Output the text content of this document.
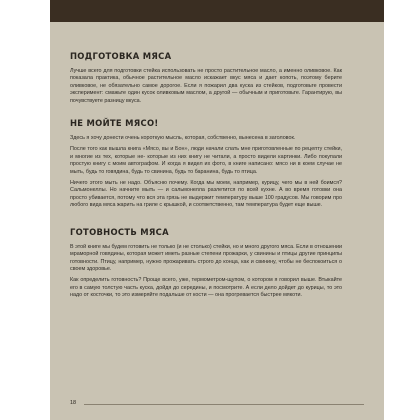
ПОДГОТОВКА МЯСА

Лучше всего для подготовки стейка использовать не просто растительное масло, а именно оливковое. Как показала практика, обычное растительное масло искажает вкус мяса и дает копоть, поэтому берите оливковое, не обязательно самое дорогое. Если я пожарил два куска из стейков, подготовьте провести эксперимент: смажьте один кусок оливковым маслом, а другой — обычным и приготовьте. Гарантирую, вы почувствуете разницу вкуса.

НЕ МОЙТЕ МЯСО!

Здесь я хочу донести очень короткую мысль, которая, собственно, вынесена в заголовок.

После того как вышла книга «Мясо, вы и Бон», люди начали слать мне приготовленные по рецепту стейки, и многие из тех, которые не- которые из них книгу не читали, а просто видели картинки. Либо покупали простую книгу с моим автографом. И когда я видел их фото, в книге написано: мясо ни в коем случае не мыть, будь то говядина, будь то свинина, будь то баранина, будь то птица.

Ничего этого мыть не надо. Объясню почему. Когда мы моем, например, курицу, чего мы в ней боимся? Сальмонеллы. Но начните мыть — и сальмонелла разлетится по всей кухне. А во время готовки она просто убивается, потому что вся эта грязь не выдержит температуру выше 100 градусов. Мы говорим про любого вида мяса жарить на гриле с крышкой, и соответственно, там температура будет еще выше.

ГОТОВНОСТЬ МЯСА

В этой книге мы будем готовить не только (и не столько) стейки, но и много другого мяса. Если в отношении мраморной говядины, которая может иметь разные степени прожарки, у свинины и птицы другие принципы готовности. Птицу, например, нужно прожаривать строго до конца, как и свинину, чтобы не беспокоиться о своем здоровье.

Как определить готовность? Проще всего, уже, термометром-щупом, о котором я говорил выше. Втыкайте его в самую толстую часть куска, дойдя до середины, и посмотрите. А если дело дойдет до курицы, то это надо от косточки, то это измеряйте подальше от кости — она прогревается быстрее мякоти.

18
